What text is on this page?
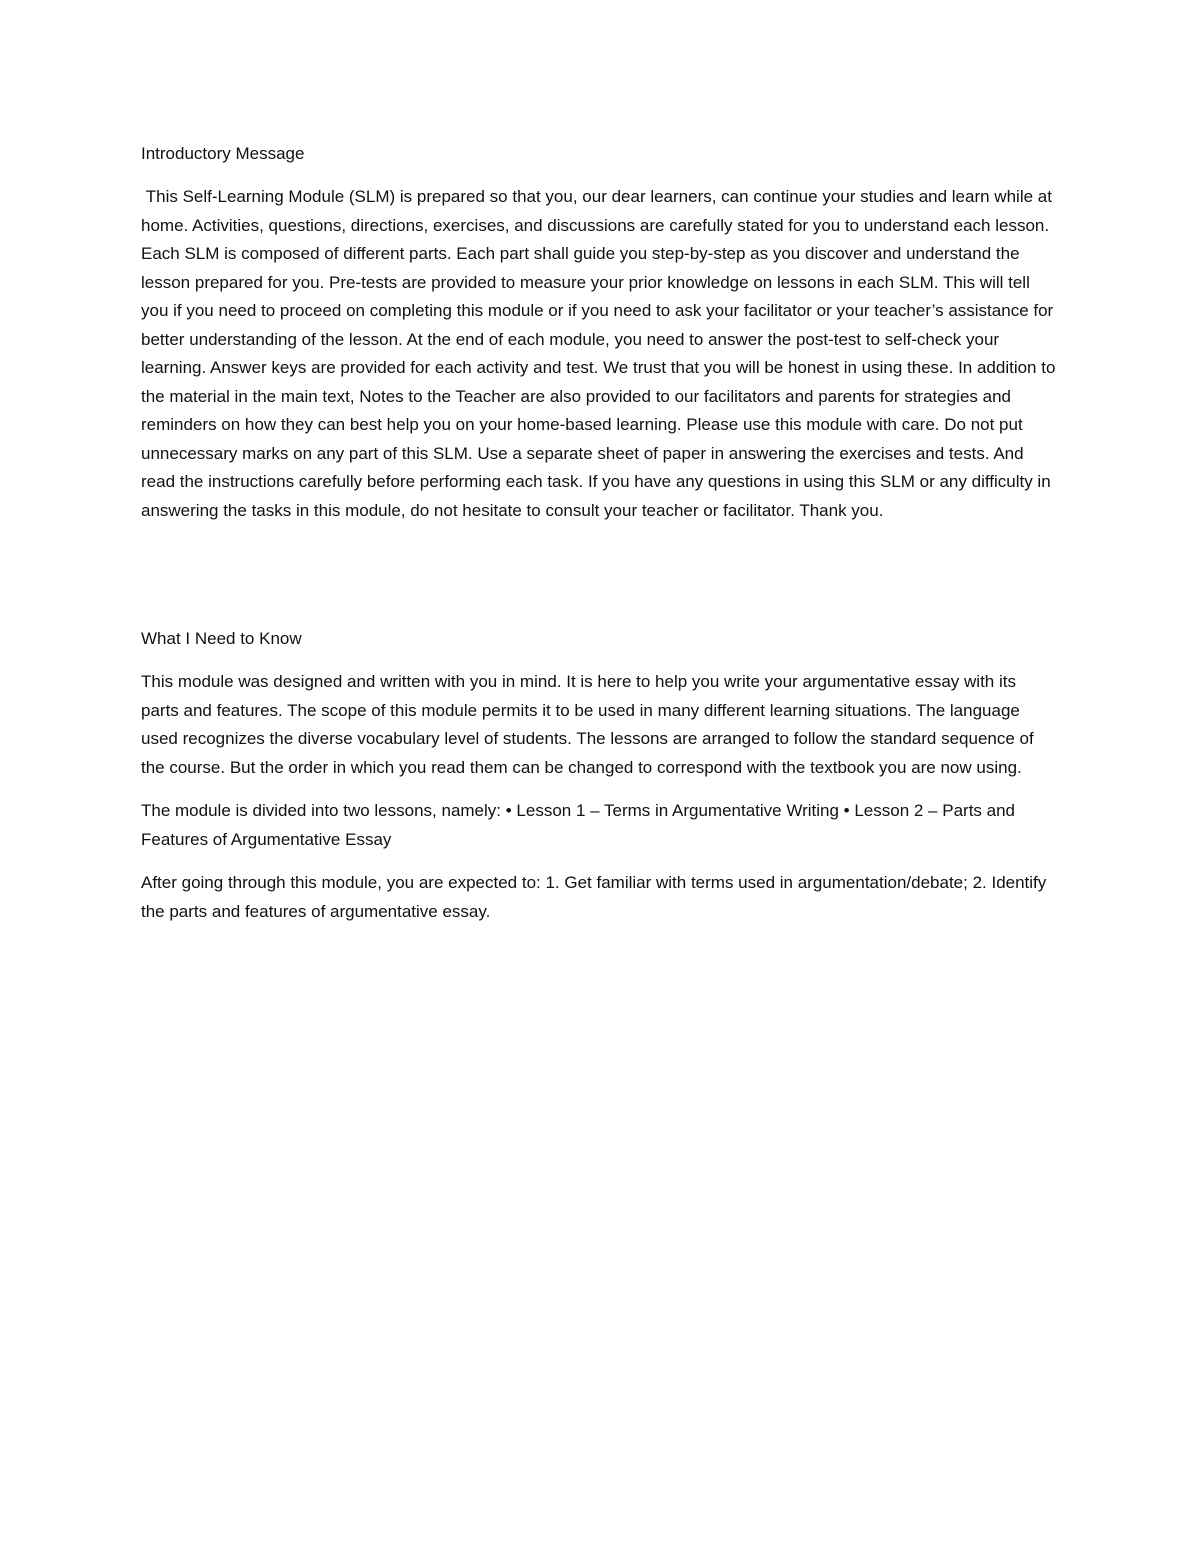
Introductory Message
This Self-Learning Module (SLM) is prepared so that you, our dear learners, can continue your studies and learn while at home. Activities, questions, directions, exercises, and discussions are carefully stated for you to understand each lesson. Each SLM is composed of different parts. Each part shall guide you step-by-step as you discover and understand the lesson prepared for you. Pre-tests are provided to measure your prior knowledge on lessons in each SLM. This will tell you if you need to proceed on completing this module or if you need to ask your facilitator or your teacher’s assistance for better understanding of the lesson. At the end of each module, you need to answer the post-test to self-check your learning. Answer keys are provided for each activity and test. We trust that you will be honest in using these. In addition to the material in the main text, Notes to the Teacher are also provided to our facilitators and parents for strategies and reminders on how they can best help you on your home-based learning. Please use this module with care. Do not put unnecessary marks on any part of this SLM. Use a separate sheet of paper in answering the exercises and tests. And read the instructions carefully before performing each task. If you have any questions in using this SLM or any difficulty in answering the tasks in this module, do not hesitate to consult your teacher or facilitator. Thank you.
What I Need to Know
This module was designed and written with you in mind. It is here to help you write your argumentative essay with its parts and features. The scope of this module permits it to be used in many different learning situations. The language used recognizes the diverse vocabulary level of students. The lessons are arranged to follow the standard sequence of the course. But the order in which you read them can be changed to correspond with the textbook you are now using.
The module is divided into two lessons, namely: • Lesson 1 – Terms in Argumentative Writing • Lesson 2 – Parts and Features of Argumentative Essay
After going through this module, you are expected to: 1. Get familiar with terms used in argumentation/debate; 2. Identify the parts and features of argumentative essay.
